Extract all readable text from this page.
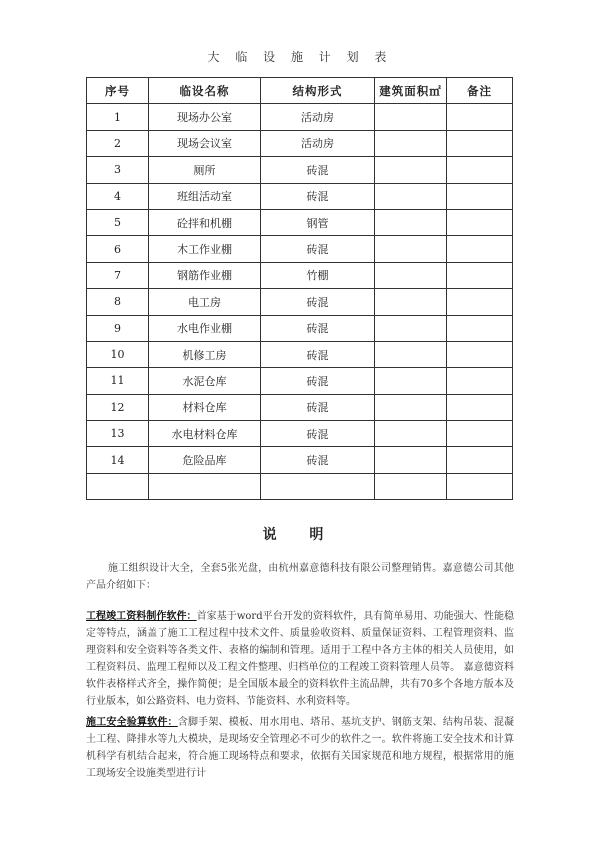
大 临 设 施 计 划 表
序号	临设名称	结构形式	建筑面积㎡	备注
1	现场办公室	活动房		
2	现场会议室	活动房		
3	厕所	砖混		
4	班组活动室	砖混		
5	砼拌和机棚	钢管		
6	木工作业棚	砖混		
7	钢筋作业棚	竹棚		
8	电工房	砖混		
9	水电作业棚	砖混		
10	机修工房	砖混		
11	水泥仓库	砖混		
12	材料仓库	砖混		
13	水电材料仓库	砖混		
14	危险品库	砖混		

说 明
施工组织设计大全，全套5张光盘，由杭州嘉意德科技有限公司整理销售。嘉意德公司其他产品介绍如下：
工程竣工资料制作软件：首家基于word平台开发的资料软件，具有简单易用、功能强大、性能稳定等特点，涵盖了施工工程过程中技术文件、质量验收资料、质量保证资料、工程管理资料、监理资料和安全资料等各类文件、表格的编制和管理。适用于工程中各方主体的相关人员使用，如工程资料员、监理工程师以及工程文件整理、归档单位的工程竣工资料管理人员等。 嘉意德资料软件表格样式齐全，操作简便；是全国版本最全的资料软件主流品牌，共有70多个各地方版本及行业版本，如公路资料、电力资料、节能资料、水利资料等。
施工安全验算软件：含脚手架、模板、用水用电、塔吊、基坑支护、钢筋支架、结构吊装、混凝土工程、降排水等九大模块，是现场安全管理必不可少的软件之一。软件将施工安全技术和计算机科学有机结合起来，符合施工现场特点和要求，依据有关国家规范和地方规程，根据常用的施工现场安全设施类型进行计
